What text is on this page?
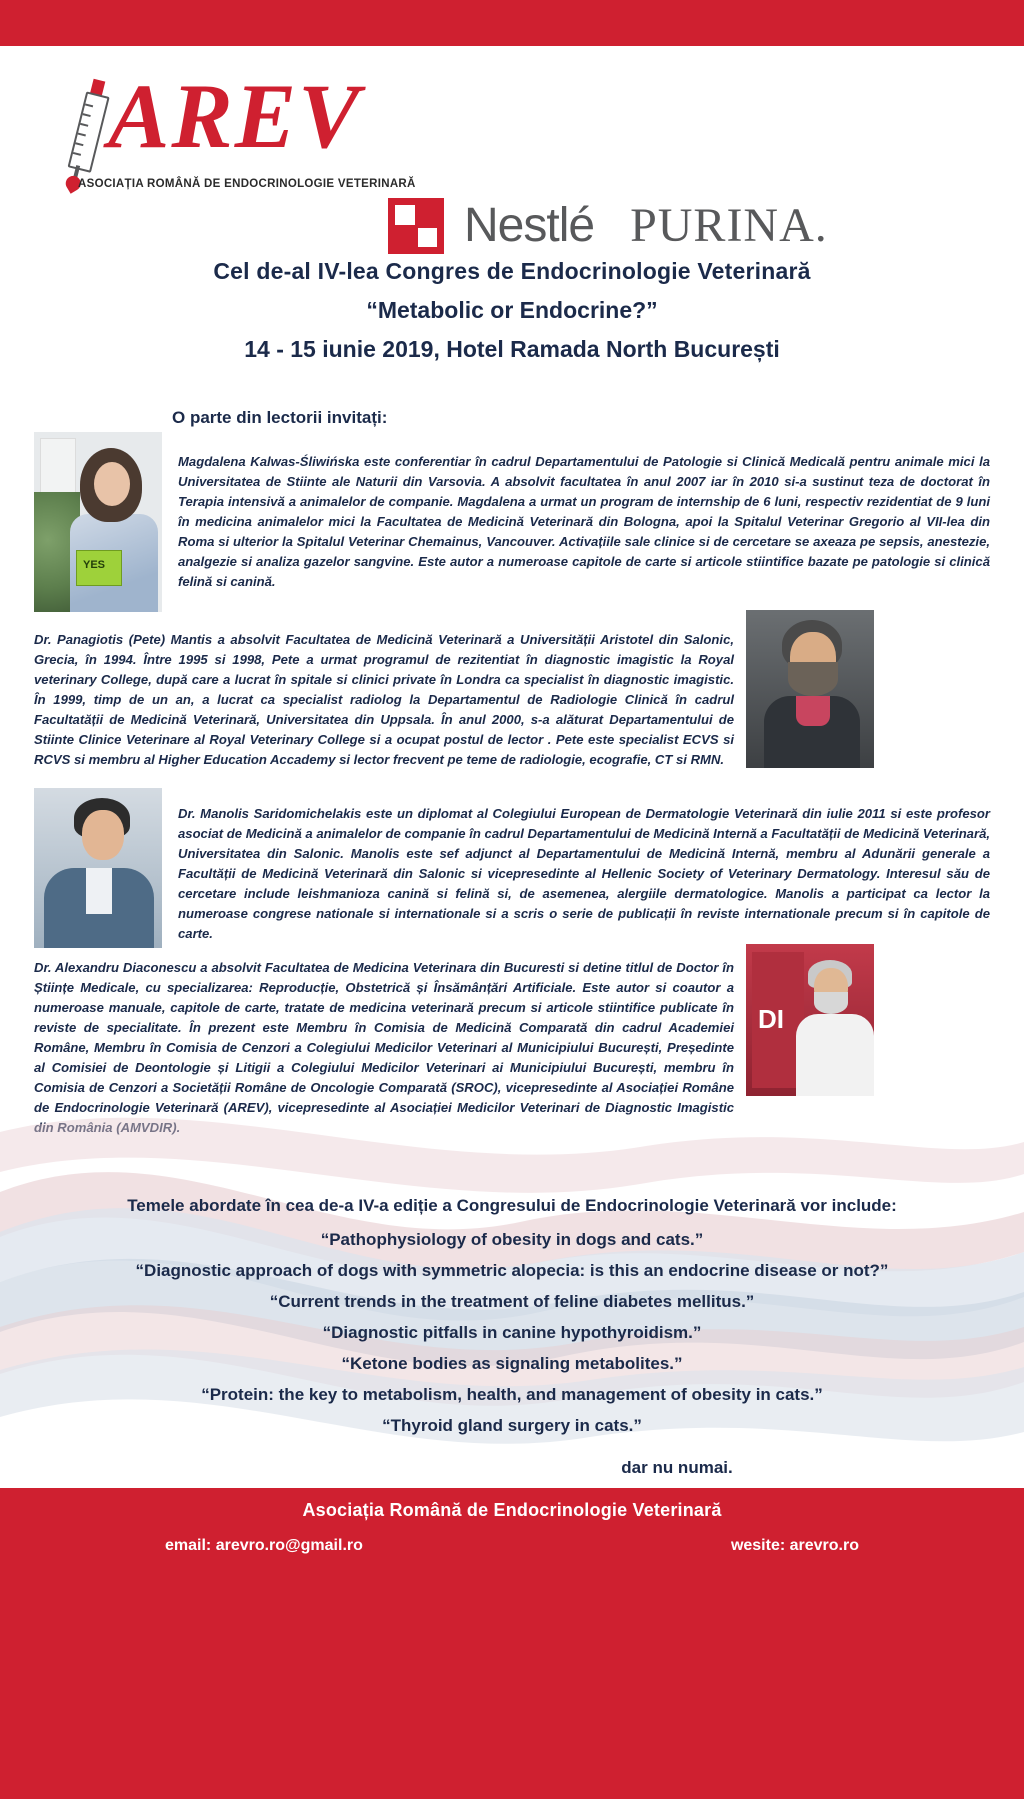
AREV
ASOCIAȚIA ROMÂNĂ DE ENDOCRINOLOGIE VETERINARĂ
Nestlé PURINA.
Cel de-al IV-lea Congres de Endocrinologie Veterinară
“Metabolic or Endocrine?”
14 - 15 iunie 2019, Hotel Ramada North București
O parte din lectorii invitați:
YES
Magdalena Kalwas-Śliwińska este conferentiar în cadrul Departamentului de Patologie si Clinică Medicală pentru animale mici la Universitatea de Stiinte ale Naturii din Varsovia. A absolvit facultatea în anul 2007 iar în 2010 si-a sustinut teza de doctorat în Terapia intensivă a animalelor de companie. Magdalena a urmat un program de internship de 6 luni, respectiv rezidentiat de 9 luni în medicina animalelor mici la Facultatea de Medicină Veterinară din Bologna, apoi la Spitalul Veterinar Gregorio al VII-lea din Roma si ulterior la Spitalul Veterinar Chemainus, Vancouver. Activațiile sale clinice si de cercetare se axeaza pe sepsis, anestezie, analgezie si analiza gazelor sangvine. Este autor a numeroase capitole de carte si articole stiintifice bazate pe patologie si clinică felină si canină.
Dr. Panagiotis (Pete) Mantis a absolvit Facultatea de Medicină Veterinară a Universității Aristotel din Salonic, Grecia, în 1994. Între 1995 si 1998, Pete a urmat programul de rezitentiat în diagnostic imagistic la Royal veterinary College, după care a lucrat în spitale si clinici private în Londra ca specialist în diagnostic imagistic. În 1999, timp de un an, a lucrat ca specialist radiolog la Departamentul de Radiologie Clinică în cadrul Facultatății de Medicină Veterinară, Universitatea din Uppsala. În anul 2000, s-a alăturat Departamentului de Stiinte Clinice Veterinare al Royal Veterinary College si a ocupat postul de lector . Pete este specialist ECVS si RCVS si membru al Higher Education Accademy si lector frecvent pe teme de radiologie, ecografie, CT si RMN.
Dr. Manolis Saridomichelakis este un diplomat al Colegiului European de Dermatologie Veterinară din iulie 2011 si este profesor asociat de Medicină a animalelor de companie în cadrul Departamentului de Medicină Internă a Facultatății de Medicină Veterinară, Universitatea din Salonic. Manolis este sef adjunct al Departamentului de Medicină Internă, membru al Adunării generale a Facultății de Medicină Veterinară din Salonic si vicepresedinte al Hellenic Society of Veterinary Dermatology. Interesul său de cercetare include leishmanioza canină si felină si, de asemenea, alergiile dermatologice. Manolis a participat ca lector la numeroase congrese nationale si internationale si a scris o serie de publicații în reviste internationale precum si în capitole de carte.
DI
Dr. Alexandru Diaconescu a absolvit Facultatea de Medicina Veterinara din Bucuresti si detine titlul de Doctor în Științe Medicale, cu specializarea: Reproducție, Obstetrică și Însămânțări Artificiale. Este autor si coautor a numeroase manuale, capitole de carte, tratate de medicina veterinară precum si articole stiintifice publicate în reviste de specialitate. În prezent este Membru în Comisia de Medicină Comparată din cadrul Academiei Române, Membru în Comisia de Cenzori a Colegiului Medicilor Veterinari al Municipiului București, Președinte al Comisiei de Deontologie și Litigii a Colegiului Medicilor Veterinari ai Municipiului București, membru în Comisia de Cenzori a Societății Române de Oncologie Comparată (SROC), vicepresedinte al Asociației Române de Endocrinologie Veterinară (AREV), vicepresedinte al Asociației Medicilor Veterinari de Diagnostic Imagistic din România (AMVDIR).
Temele abordate în cea de-a IV-a ediție a Congresului de Endocrinologie Veterinară vor include:
“Pathophysiology of obesity in dogs and cats.”
“Diagnostic approach of dogs with symmetric alopecia: is this an endocrine disease or not?”
“Current trends in the treatment of feline diabetes mellitus.”
“Diagnostic pitfalls in canine hypothyroidism.”
“Ketone bodies as signaling metabolites.”
“Protein: the key to metabolism, health, and management of obesity in cats.”
“Thyroid gland surgery in cats.”
dar nu numai.
Asociația Română de Endocrinologie Veterinară
email: arevro.ro@gmail.ro	wesite: arevro.ro
